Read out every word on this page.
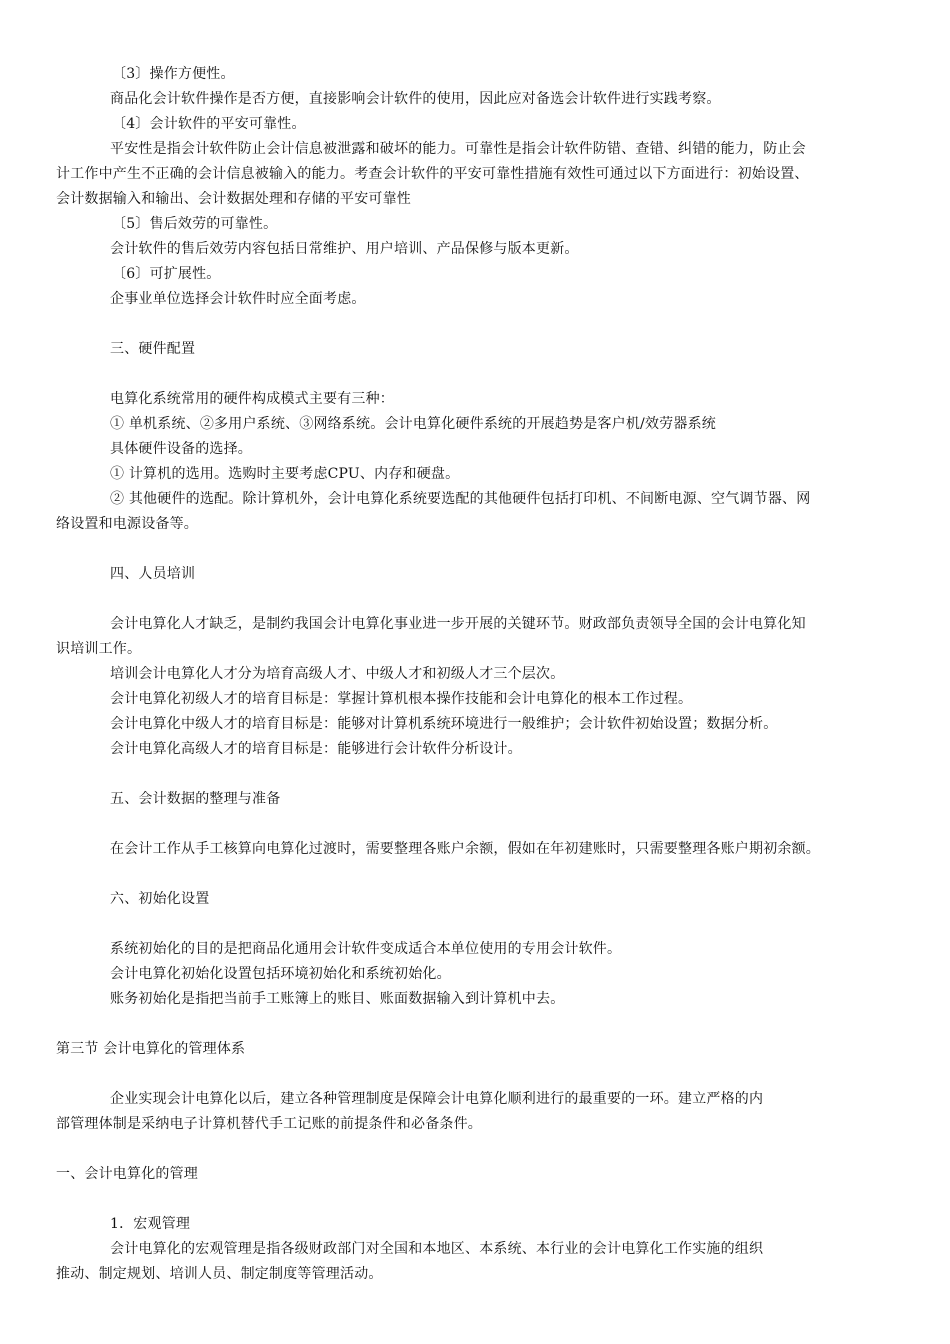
〔3〕操作方便性。
商品化会计软件操作是否方便，直接影响会计软件的使用，因此应对备选会计软件进行实践考察。
〔4〕会计软件的平安可靠性。
平安性是指会计软件防止会计信息被泄露和破坏的能力。可靠性是指会计软件防错、查错、纠错的能力，防止会
计工作中产生不正确的会计信息被输入的能力。考查会计软件的平安可靠性措施有效性可通过以下方面进行：初始设置、
会计数据输入和输出、会计数据处理和存储的平安可靠性
〔5〕售后效劳的可靠性。
会计软件的售后效劳内容包括日常维护、用户培训、产品保修与版本更新。
〔6〕可扩展性。
企事业单位选择会计软件时应全面考虑。
三、硬件配置
电算化系统常用的硬件构成模式主要有三种：
① 单机系统、②多用户系统、③网络系统。会计电算化硬件系统的开展趋势是客户机/效劳器系统
具体硬件设备的选择。
① 计算机的选用。选购时主要考虑CPU、内存和硬盘。
② 其他硬件的选配。除计算机外，会计电算化系统要选配的其他硬件包括打印机、不间断电源、空气调节器、网
络设置和电源设备等。
四、人员培训
会计电算化人才缺乏，是制约我国会计电算化事业进一步开展的关键环节。财政部负责领导全国的会计电算化知
识培训工作。
培训会计电算化人才分为培育高级人才、中级人才和初级人才三个层次。
会计电算化初级人才的培育目标是：掌握计算机根本操作技能和会计电算化的根本工作过程。
会计电算化中级人才的培育目标是：能够对计算机系统环境进行一般维护；会计软件初始设置；数据分析。
会计电算化高级人才的培育目标是：能够进行会计软件分析设计。
五、会计数据的整理与准备
在会计工作从手工核算向电算化过渡时，需要整理各账户余额，假如在年初建账时，只需要整理各账户期初余额。
六、初始化设置
系统初始化的目的是把商品化通用会计软件变成适合本单位使用的专用会计软件。
会计电算化初始化设置包括环境初始化和系统初始化。
账务初始化是指把当前手工账簿上的账目、账面数据输入到计算机中去。
第三节 会计电算化的管理体系
企业实现会计电算化以后，建立各种管理制度是保障会计电算化顺利进行的最重要的一环。建立严格的内
部管理体制是采纳电子计算机替代手工记账的前提条件和必备条件。
一、会计电算化的管理
1．宏观管理
会计电算化的宏观管理是指各级财政部门对全国和本地区、本系统、本行业的会计电算化工作实施的组织
推动、制定规划、培训人员、制定制度等管理活动。
